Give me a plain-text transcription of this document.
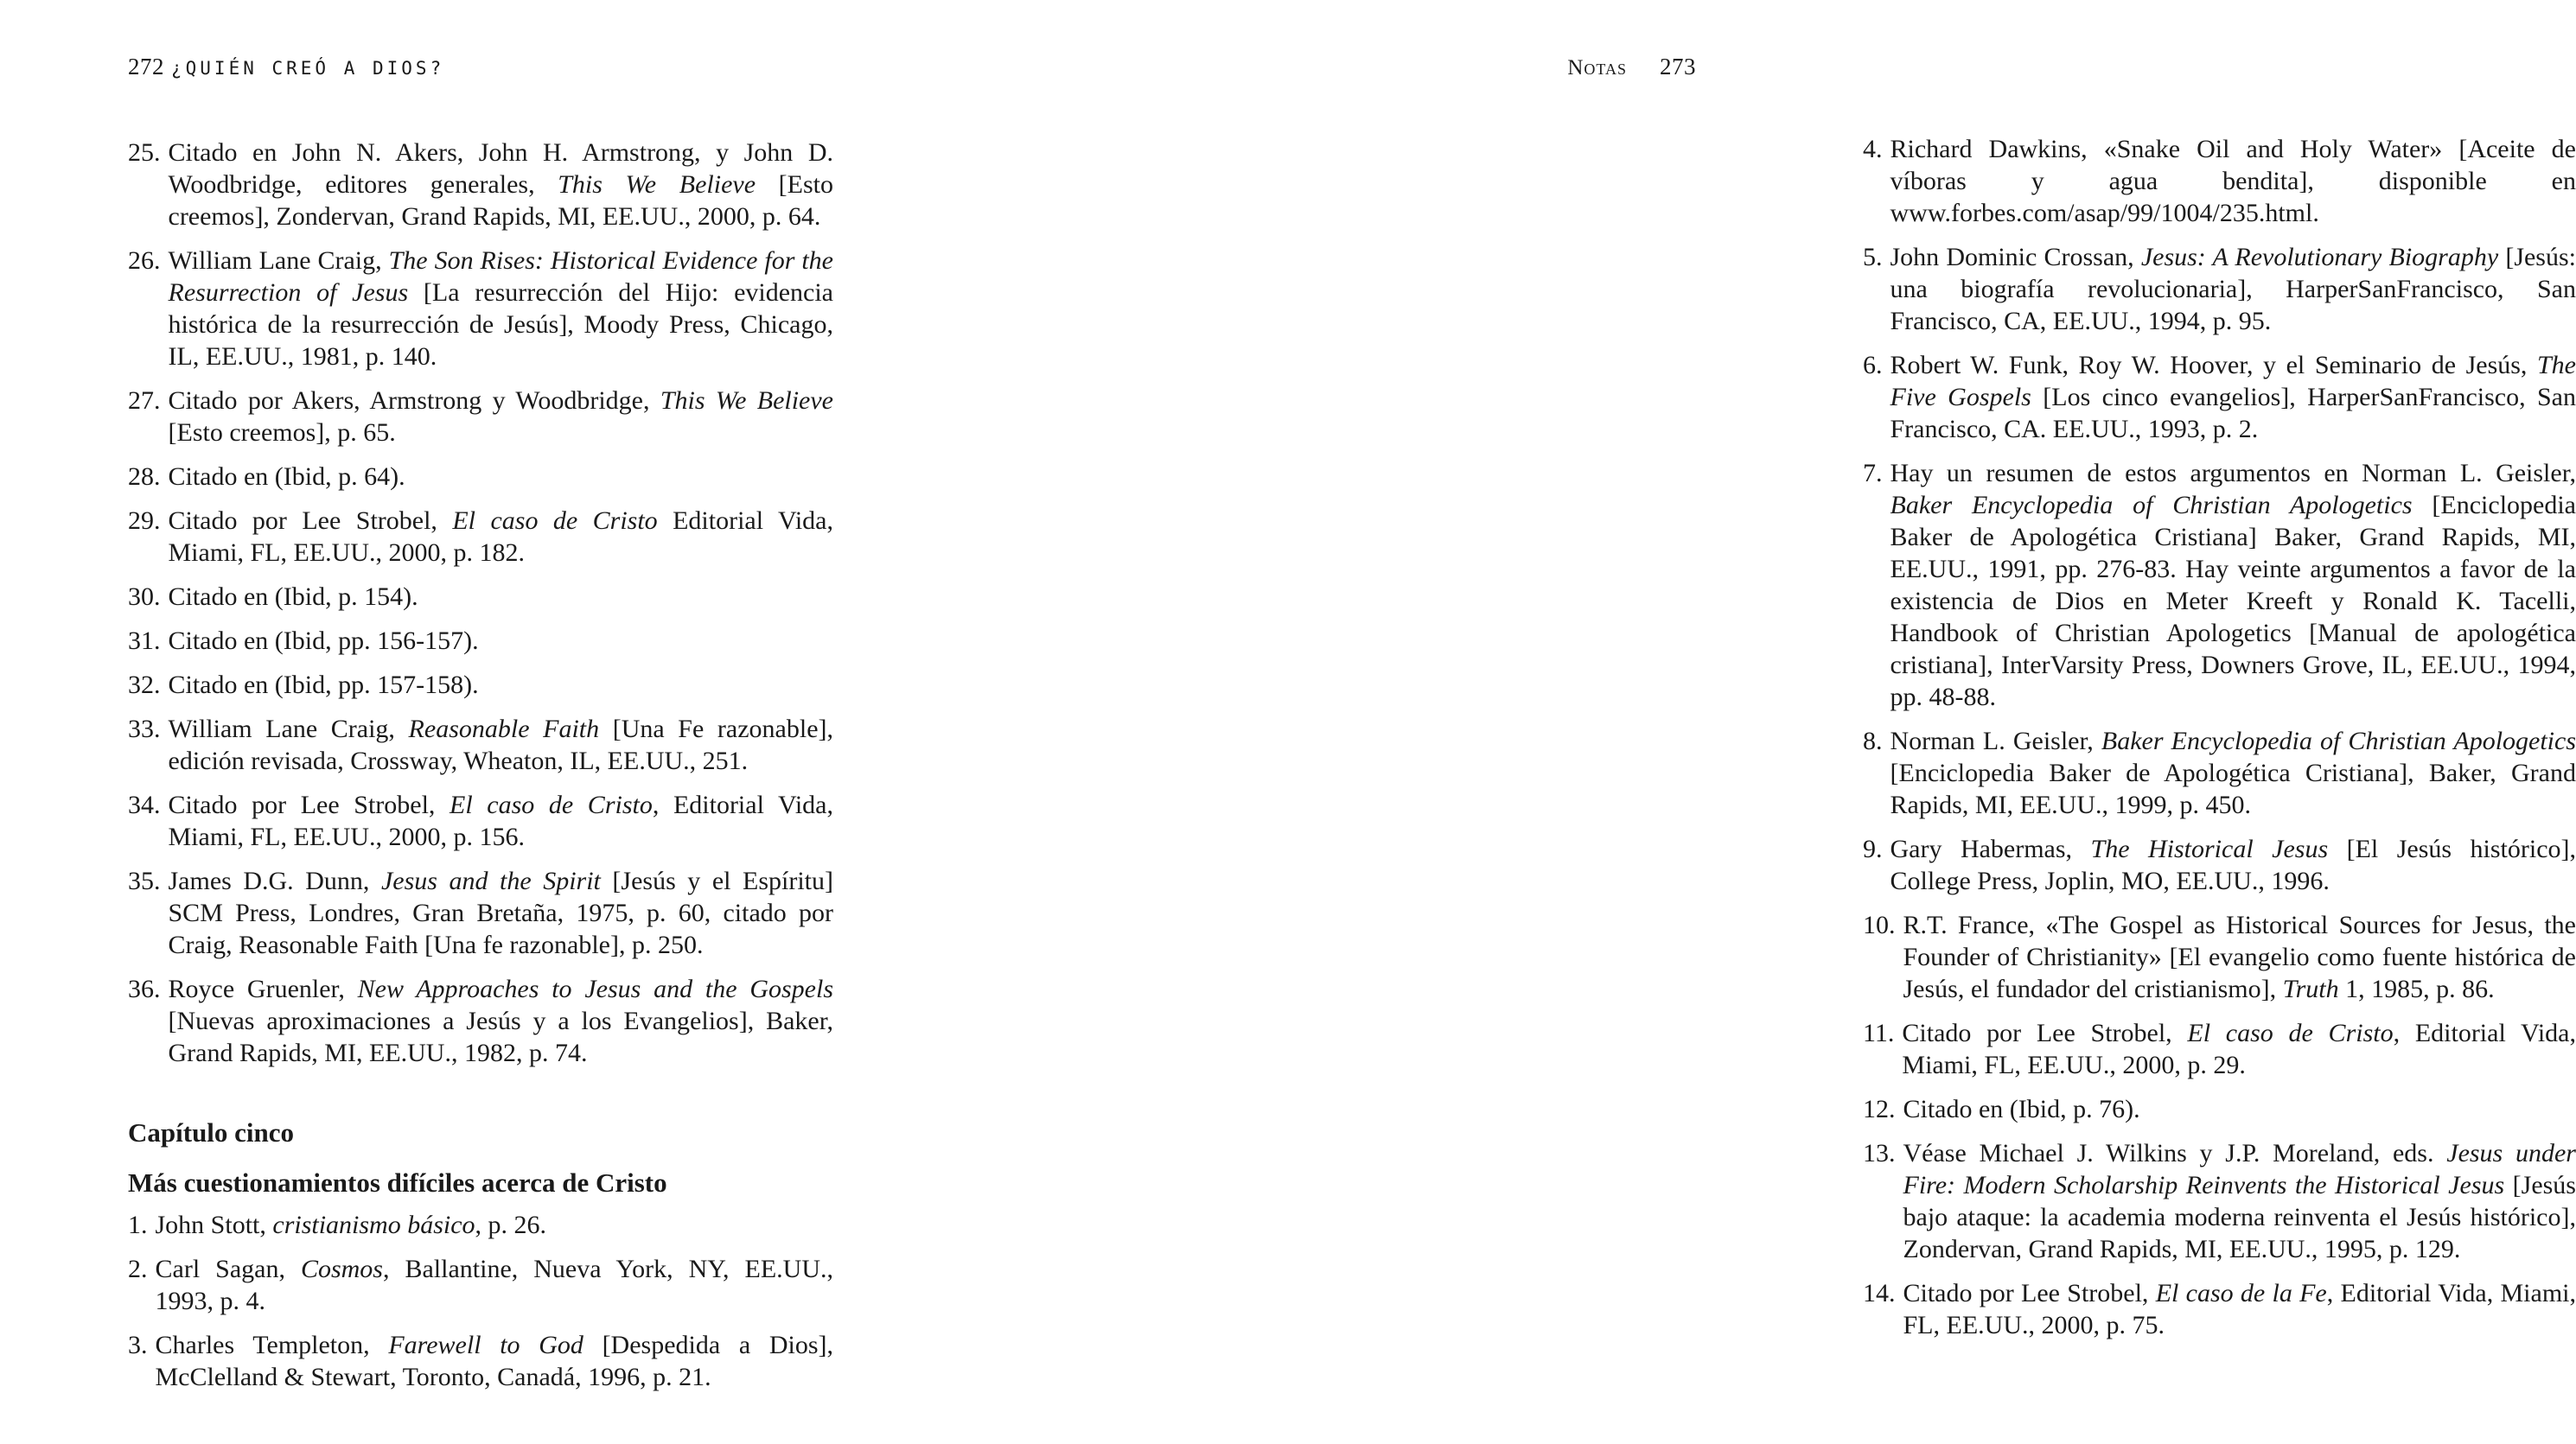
272 ¿QUIÉN CREÓ A DIOS?
25. Citado en John N. Akers, John H. Armstrong, y John D. Woodbridge, editores generales, This We Believe [Esto creemos], Zondervan, Grand Rapids, MI, EE.UU., 2000, p. 64.
26. William Lane Craig, The Son Rises: Historical Evidence for the Resurrection of Jesus [La resurrección del Hijo: evidencia histórica de la resurrección de Jesús], Moody Press, Chicago, IL, EE.UU., 1981, p. 140.
27. Citado por Akers, Armstrong y Woodbridge, This We Believe [Esto creemos], p. 65.
28. Citado en (Ibid, p. 64).
29. Citado por Lee Strobel, El caso de Cristo Editorial Vida, Miami, FL, EE.UU., 2000, p. 182.
30. Citado en (Ibid, p. 154).
31. Citado en (Ibid, pp. 156-157).
32. Citado en (Ibid, pp. 157-158).
33. William Lane Craig, Reasonable Faith [Una Fe razonable], edición revisada, Crossway, Wheaton, IL, EE.UU., 251.
34. Citado por Lee Strobel, El caso de Cristo, Editorial Vida, Miami, FL, EE.UU., 2000, p. 156.
35. James D.G. Dunn, Jesus and the Spirit [Jesús y el Espíritu] SCM Press, Londres, Gran Bretaña, 1975, p. 60, citado por Craig, Reasonable Faith [Una fe razonable], p. 250.
36. Royce Gruenler, New Approaches to Jesus and the Gospels [Nuevas aproximaciones a Jesús y a los Evangelios], Baker, Grand Rapids, MI, EE.UU., 1982, p. 74.
Capítulo cinco
Más cuestionamientos difíciles acerca de Cristo
1. John Stott, cristianismo básico, p. 26.
2. Carl Sagan, Cosmos, Ballantine, Nueva York, NY, EE.UU., 1993, p. 4.
3. Charles Templeton, Farewell to God [Despedida a Dios], McClelland & Stewart, Toronto, Canadá, 1996, p. 21.
Notas 273
4. Richard Dawkins, «Snake Oil and Holy Water» [Aceite de víboras y agua bendita], disponible en www.forbes.com/asap/99/1004/235.html.
5. John Dominic Crossan, Jesus: A Revolutionary Biography [Jesús: una biografía revolucionaria], HarperSanFrancisco, San Francisco, CA, EE.UU., 1994, p. 95.
6. Robert W. Funk, Roy W. Hoover, y el Seminario de Jesús, The Five Gospels [Los cinco evangelios], HarperSanFrancisco, San Francisco, CA. EE.UU., 1993, p. 2.
7. Hay un resumen de estos argumentos en Norman L. Geisler, Baker Encyclopedia of Christian Apologetics [Enciclopedia Baker de Apologética Cristiana] Baker, Grand Rapids, MI, EE.UU., 1991, pp. 276-83. Hay veinte argumentos a favor de la existencia de Dios en Meter Kreeft y Ronald K. Tacelli, Handbook of Christian Apologetics [Manual de apologética cristiana], InterVarsity Press, Downers Grove, IL, EE.UU., 1994, pp. 48-88.
8. Norman L. Geisler, Baker Encyclopedia of Christian Apologetics [Enciclopedia Baker de Apologética Cristiana], Baker, Grand Rapids, MI, EE.UU., 1999, p. 450.
9. Gary Habermas, The Historical Jesus [El Jesús histórico], College Press, Joplin, MO, EE.UU., 1996.
10. R.T. France, «The Gospel as Historical Sources for Jesus, the Founder of Christianity» [El evangelio como fuente histórica de Jesús, el fundador del cristianismo], Truth 1, 1985, p. 86.
11. Citado por Lee Strobel, El caso de Cristo, Editorial Vida, Miami, FL, EE.UU., 2000, p. 29.
12. Citado en (Ibid, p. 76).
13. Véase Michael J. Wilkins y J.P. Moreland, eds. Jesus under Fire: Modern Scholarship Reinvents the Historical Jesus [Jesús bajo ataque: la academia moderna reinventa el Jesús histórico], Zondervan, Grand Rapids, MI, EE.UU., 1995, p. 129.
14. Citado por Lee Strobel, El caso de la Fe, Editorial Vida, Miami, FL, EE.UU., 2000, p. 75.
